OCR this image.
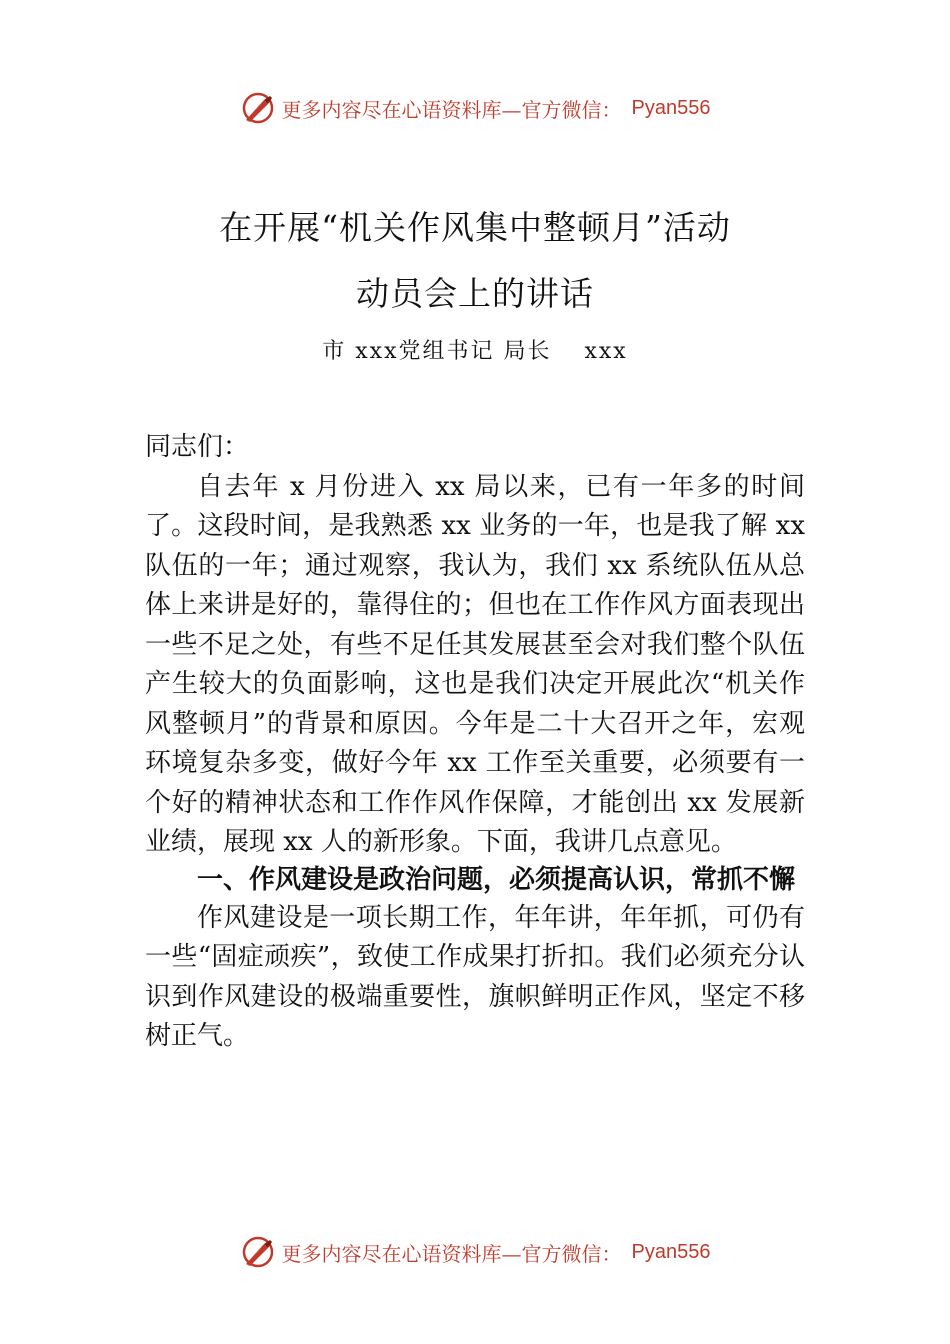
更多内容尽在心语资料库—官方微信： Pyan556
在开展“机关作风集中整顿月”活动
动员会上的讲话
市 xxx党组书记 局长　 xxx

同志们：

自去年 x 月份进入 xx 局以来，已有一年多的时间了。这段时间，是我熟悉 xx 业务的一年，也是我了解 xx 队伍的一年；通过观察，我认为，我们 xx 系统队伍从总体上来讲是好的，靠得住的；但也在工作作风方面表现出一些不足之处，有些不足任其发展甚至会对我们整个队伍产生较大的负面影响，这也是我们决定开展此次“机关作风整顿月”的背景和原因。今年是二十大召开之年，宏观环境复杂多变，做好今年 xx 工作至关重要，必须要有一个好的精神状态和工作作风作保障，才能创出 xx 发展新业绩，展现 xx 人的新形象。下面，我讲几点意见。

一、作风建设是政治问题，必须提高认识，常抓不懈

作风建设是一项长期工作，年年讲，年年抓，可仍有一些“固症顽疾”，致使工作成果打折扣。我们必须充分认识到作风建设的极端重要性，旗帜鲜明正作风，坚定不移树正气。

更多内容尽在心语资料库—官方微信： Pyan556
